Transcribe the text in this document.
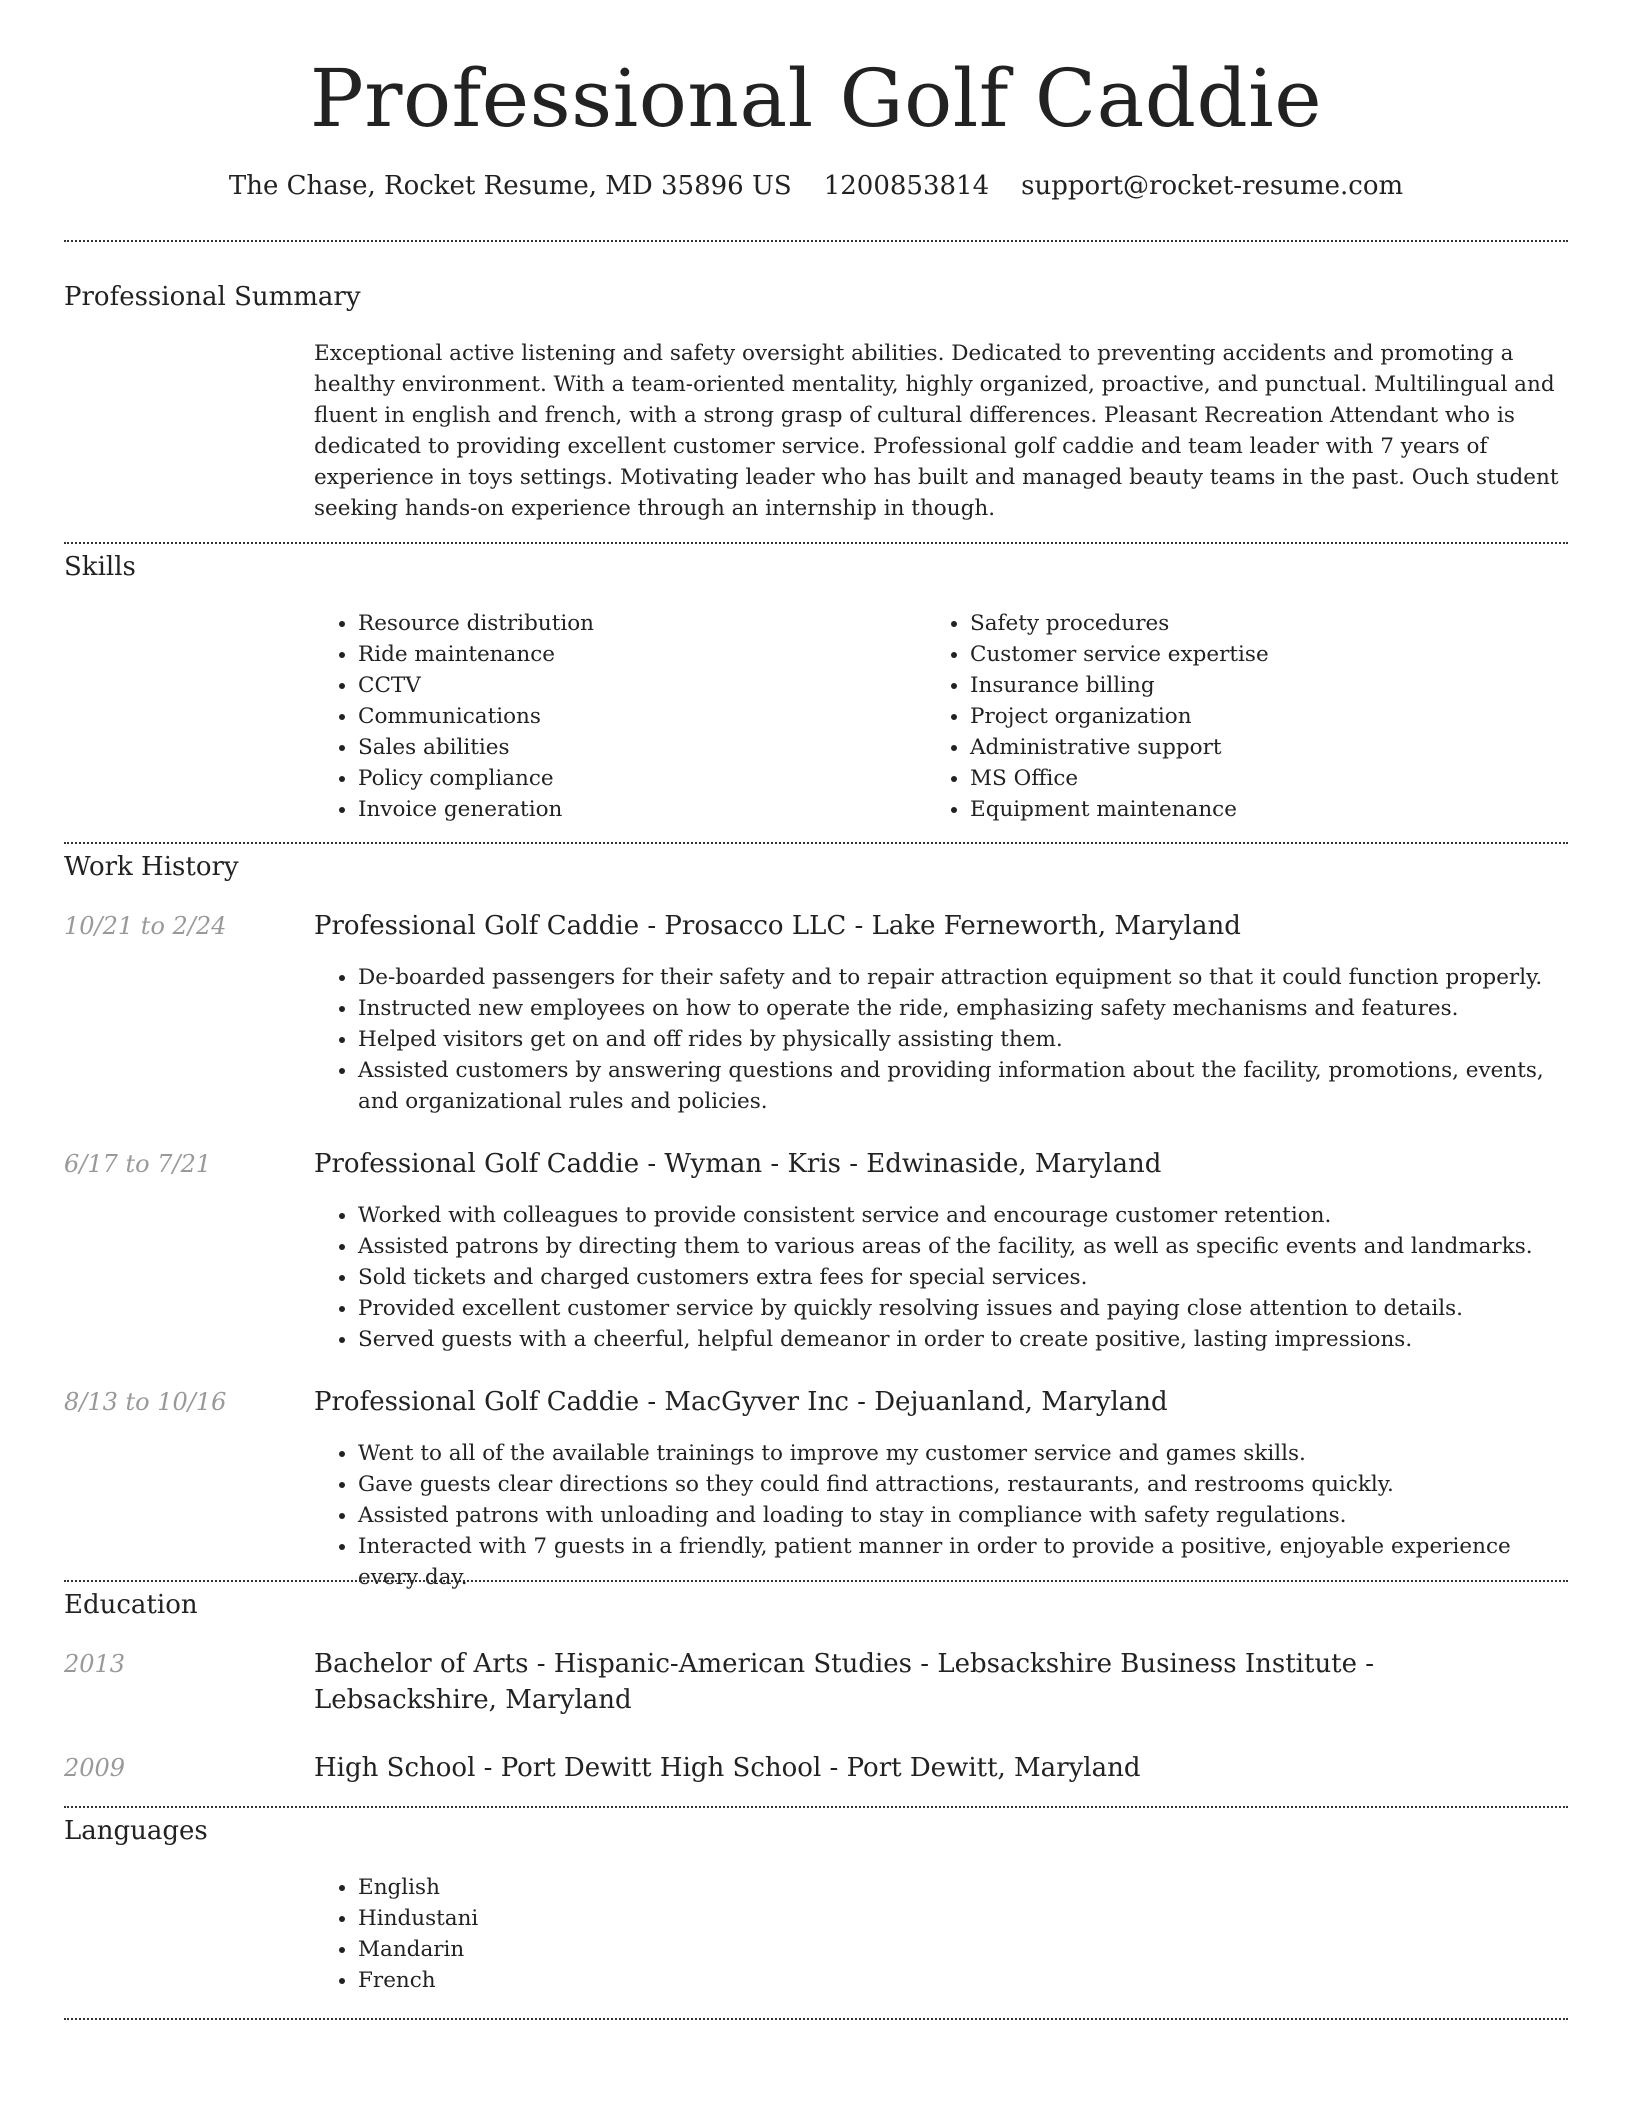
Professional Golf Caddie
The Chase, Rocket Resume, MD 35896 US 1200853814 support@rocket-resume.com
Professional Summary
Exceptional active listening and safety oversight abilities. Dedicated to preventing accidents and promoting a healthy environment. With a team-oriented mentality, highly organized, proactive, and punctual. Multilingual and fluent in english and french, with a strong grasp of cultural differences. Pleasant Recreation Attendant who is dedicated to providing excellent customer service. Professional golf caddie and team leader with 7 years of experience in toys settings. Motivating leader who has built and managed beauty teams in the past. Ouch student seeking hands-on experience through an internship in though.
Skills
• Resource distribution
• Ride maintenance
• CCTV
• Communications
• Sales abilities
• Policy compliance
• Invoice generation
• Safety procedures
• Customer service expertise
• Insurance billing
• Project organization
• Administrative support
• MS Office
• Equipment maintenance
Work History
10/21 to 2/24	Professional Golf Caddie - Prosacco LLC - Lake Ferneworth, Maryland
• De-boarded passengers for their safety and to repair attraction equipment so that it could function properly.
• Instructed new employees on how to operate the ride, emphasizing safety mechanisms and features.
• Helped visitors get on and off rides by physically assisting them.
• Assisted customers by answering questions and providing information about the facility, promotions, events, and organizational rules and policies.
6/17 to 7/21	Professional Golf Caddie - Wyman - Kris - Edwinaside, Maryland
• Worked with colleagues to provide consistent service and encourage customer retention.
• Assisted patrons by directing them to various areas of the facility, as well as specific events and landmarks.
• Sold tickets and charged customers extra fees for special services.
• Provided excellent customer service by quickly resolving issues and paying close attention to details.
• Served guests with a cheerful, helpful demeanor in order to create positive, lasting impressions.
8/13 to 10/16	Professional Golf Caddie - MacGyver Inc - Dejuanland, Maryland
• Went to all of the available trainings to improve my customer service and games skills.
• Gave guests clear directions so they could find attractions, restaurants, and restrooms quickly.
• Assisted patrons with unloading and loading to stay in compliance with safety regulations.
• Interacted with 7 guests in a friendly, patient manner in order to provide a positive, enjoyable experience every day.
Education
2013	Bachelor of Arts - Hispanic-American Studies - Lebsackshire Business Institute - Lebsackshire, Maryland
2009	High School - Port Dewitt High School - Port Dewitt, Maryland
Languages
• English
• Hindustani
• Mandarin
• French
